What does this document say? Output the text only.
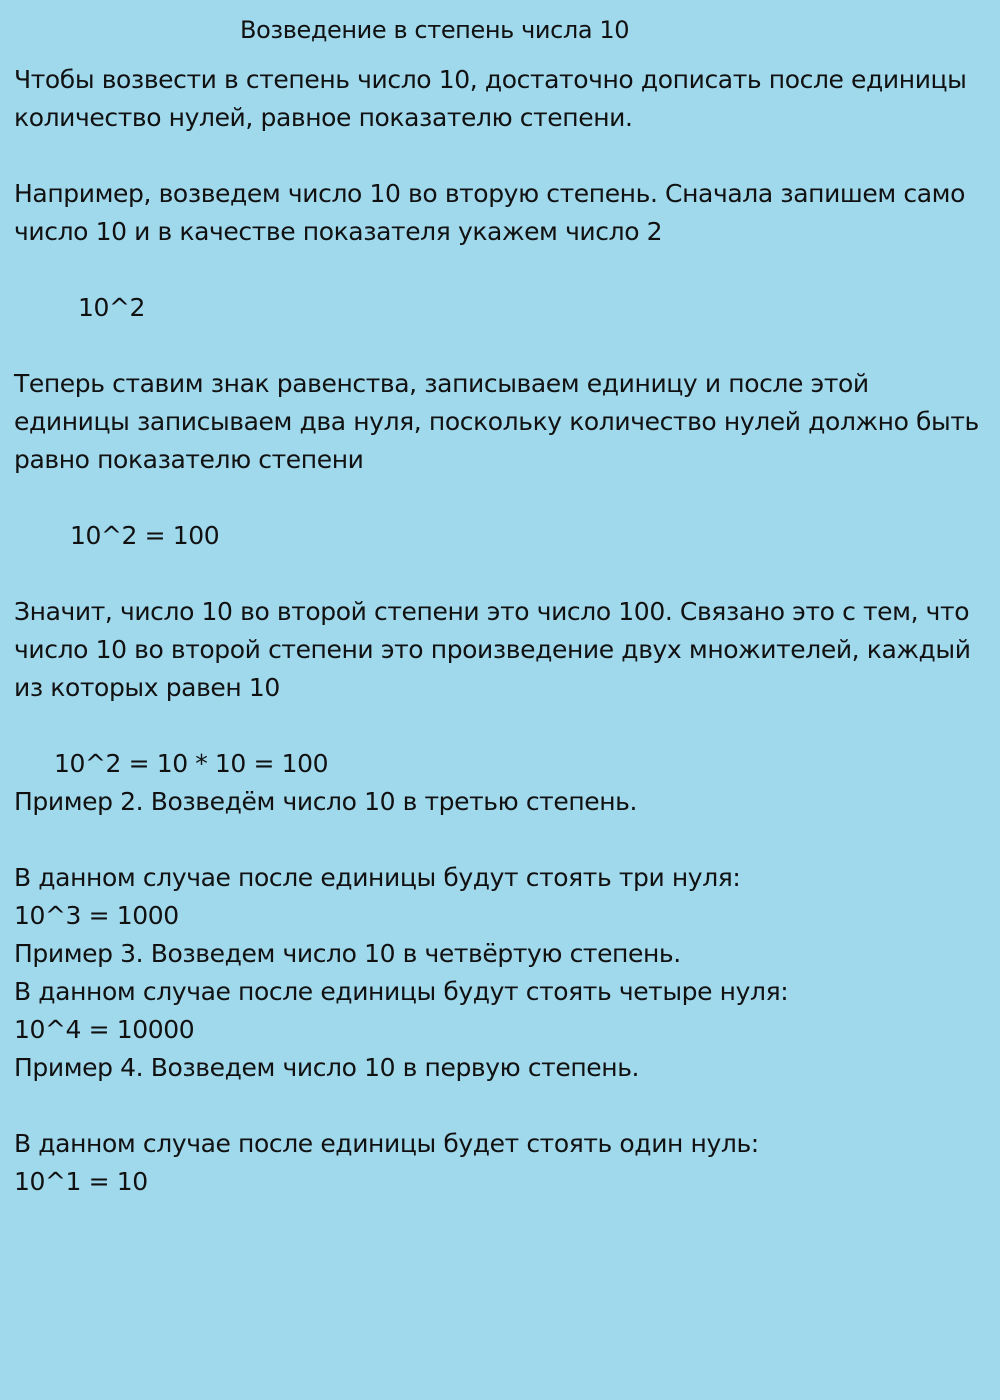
Возведение в степень числа 10
Чтобы возвести в степень число 10, достаточно дописать после единицы
количество нулей, равное показателю степени.
Например, возведем число 10 во вторую степень. Сначала запишем само
число 10 и в качестве показателя укажем число 2
10^2
Теперь ставим знак равенства, записываем единицу и после этой
единицы записываем два нуля, поскольку количество нулей должно быть
равно показателю степени
10^2 = 100
Значит, число 10 во второй степени это число 100. Связано это с тем, что
число 10 во второй степени это произведение двух множителей, каждый
из которых равен 10
10^2 = 10 * 10 = 100
Пример 2. Возведём число 10 в третью степень.
В данном случае после единицы будут стоять три нуля:
10^3 = 1000
Пример 3. Возведем число 10 в четвёртую степень.
В данном случае после единицы будут стоять четыре нуля:
10^4 = 10000
Пример 4. Возведем число 10 в первую степень.
В данном случае после единицы будет стоять один нуль:
10^1 = 10
